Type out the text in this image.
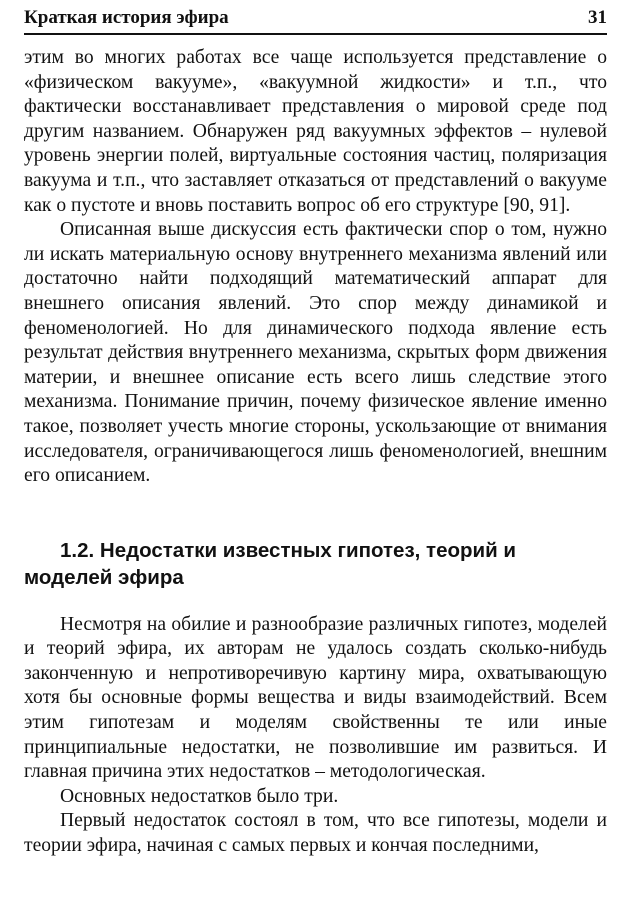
Краткая история эфира	31

этим во многих работах все чаще используется представление о «физическом вакууме», «вакуумной жидкости» и т.п., что фактически восстанавливает представления о мировой среде под другим названием. Обнаружен ряд вакуумных эффектов – нулевой уровень энергии полей, виртуальные состояния частиц, поляризация вакуума и т.п., что заставляет отказаться от представлений о вакууме как о пустоте и вновь поставить вопрос об его структуре [90, 91].

Описанная выше дискуссия есть фактически спор о том, нужно ли искать материальную основу внутреннего механизма явлений или достаточно найти подходящий математический аппарат для внешнего описания явлений. Это спор между динамикой и феноменологией. Но для динамического подхода явление есть результат действия внутреннего механизма, скрытых форм движения материи, и внешнее описание есть всего лишь следствие этого механизма. Понимание причин, почему физическое явление именно такое, позволяет учесть многие стороны, ускользающие от внимания исследователя, ограничивающегося лишь феноменологией, внешним его описанием.

1.2. Недостатки известных гипотез, теорий и
моделей эфира

Несмотря на обилие и разнообразие различных гипотез, моделей и теорий эфира, их авторам не удалось создать сколько-нибудь законченную и непротиворечивую картину мира, охватывающую хотя бы основные формы вещества и виды взаимодействий. Всем этим гипотезам и моделям свойственны те или иные принципиальные недостатки, не позволившие им развиться. И главная причина этих недостатков – методологическая.

Основных недостатков было три.

Первый недостаток состоял в том, что все гипотезы, модели и теории эфира, начиная с самых первых и кончая последними,
